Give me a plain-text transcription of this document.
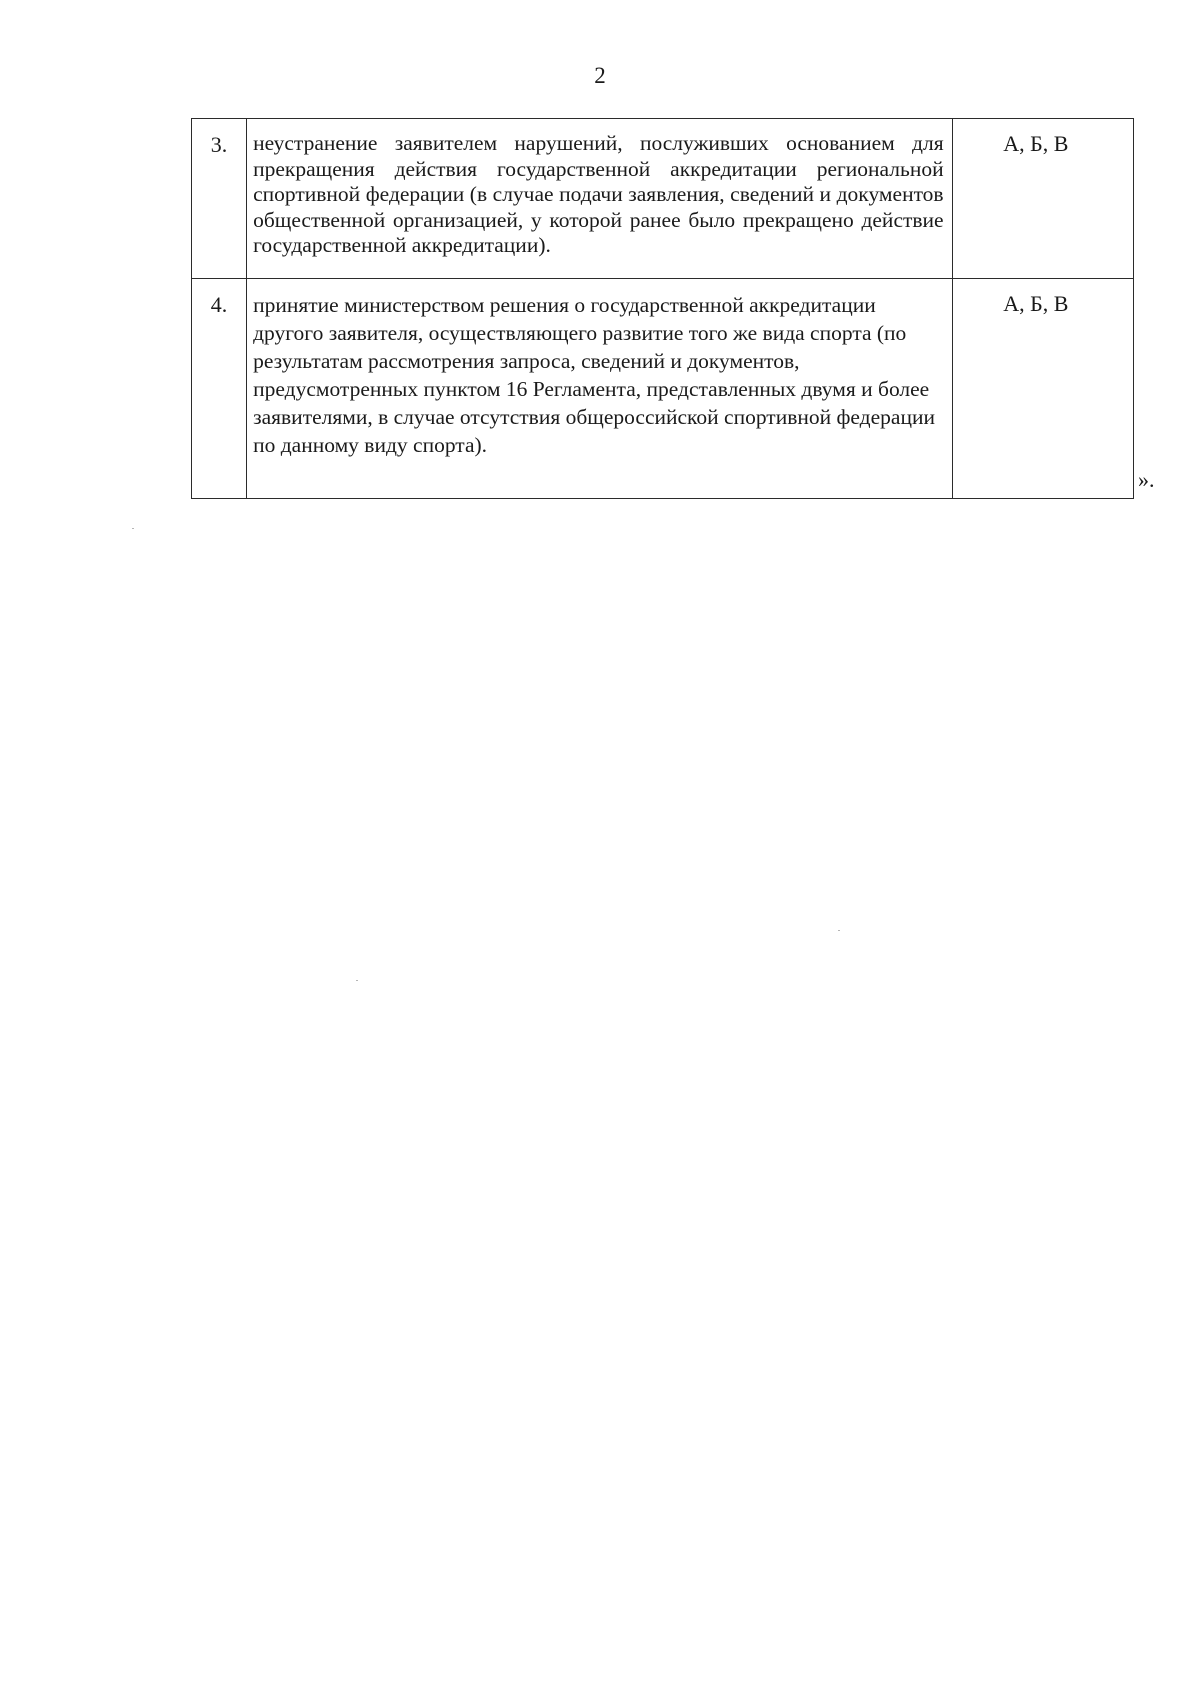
2
3.	неустранение заявителем нарушений, послуживших основанием для прекращения действия государственной аккредитации региональной спортивной федерации (в случае подачи заявления, сведений и документов общественной организацией, у которой ранее было прекращено действие государственной аккредитации).	А, Б, В
4.	принятие министерством решения о государственной аккредитации другого заявителя, осуществляющего развитие того же вида спорта (по результатам рассмотрения запроса, сведений и документов, предусмотренных пунктом 16 Регламента, представленных двумя и более заявителями, в случае отсутствия общероссийской спортивной федерации по данному виду спорта).	А, Б, В
».
